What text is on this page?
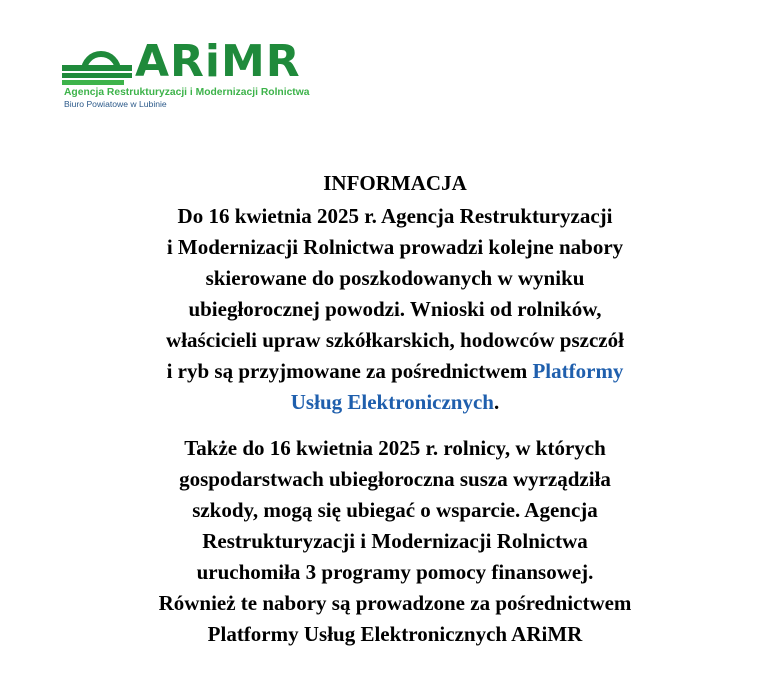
ARiMR
Agencja Restrukturyzacji i Modernizacji Rolnictwa
Biuro Powiatowe w Lubinie
INFORMACJA

Do 16 kwietnia 2025 r. Agencja Restrukturyzacji
i Modernizacji Rolnictwa prowadzi kolejne nabory
skierowane do poszkodowanych w wyniku
ubiegłorocznej powodzi. Wnioski od rolników,
właścicieli upraw szkółkarskich, hodowców pszczół
i ryb są przyjmowane za pośrednictwem Platformy
Usług Elektronicznych.

Także do 16 kwietnia 2025 r. rolnicy, w których
gospodarstwach ubiegłoroczna susza wyrządziła
szkody, mogą się ubiegać o wsparcie. Agencja
Restrukturyzacji i Modernizacji Rolnictwa
uruchomiła 3 programy pomocy finansowej.
Również te nabory są prowadzone za pośrednictwem
Platformy Usług Elektronicznych ARiMR
